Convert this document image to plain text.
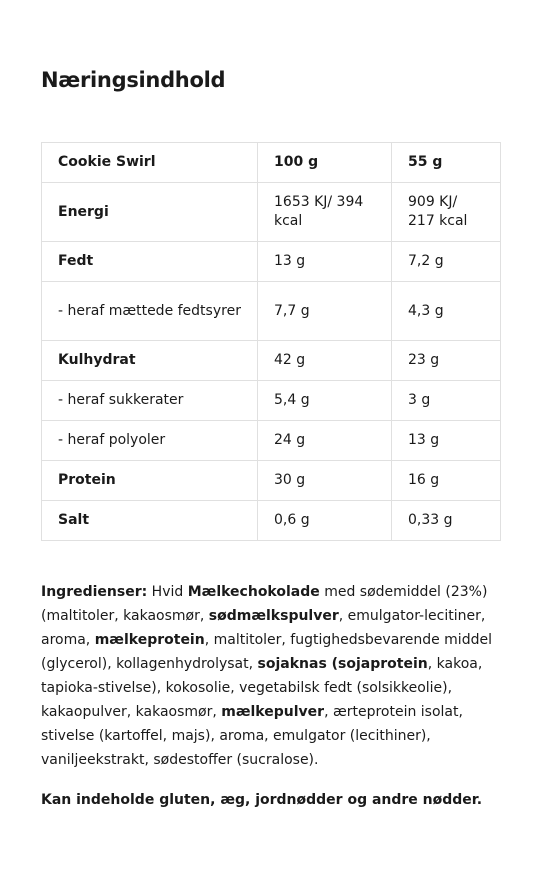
Næringsindhold
Cookie Swirl	100 g	55 g
Energi	1653 KJ/ 394 kcal	909 KJ/ 217 kcal
Fedt	13 g	7,2 g
- heraf mættede fedtsyrer	7,7 g	4,3 g
Kulhydrat	42 g	23 g
- heraf sukkerater	5,4 g	3 g
- heraf polyoler	24 g	13 g
Protein	30 g	16 g
Salt	0,6 g	0,33 g

Ingredienser: Hvid Mælkechokolade med sødemiddel (23%) (maltitoler, kakaosmør, sødmælkspulver, emulgator-lecitiner, aroma, mælkeprotein, maltitoler, fugtighedsbevarende middel (glycerol), kollagenhydrolysat, sojaknas (sojaprotein, kakoa, tapioka-stivelse), kokosolie, vegetabilsk fedt (solsikkeolie), kakaopulver, kakaosmør, mælkepulver, ærteprotein isolat, stivelse (kartoffel, majs), aroma, emulgator (lecithiner), vaniljeekstrakt, sødestoffer (sucralose).

Kan indeholde gluten, æg, jordnødder og andre nødder.
